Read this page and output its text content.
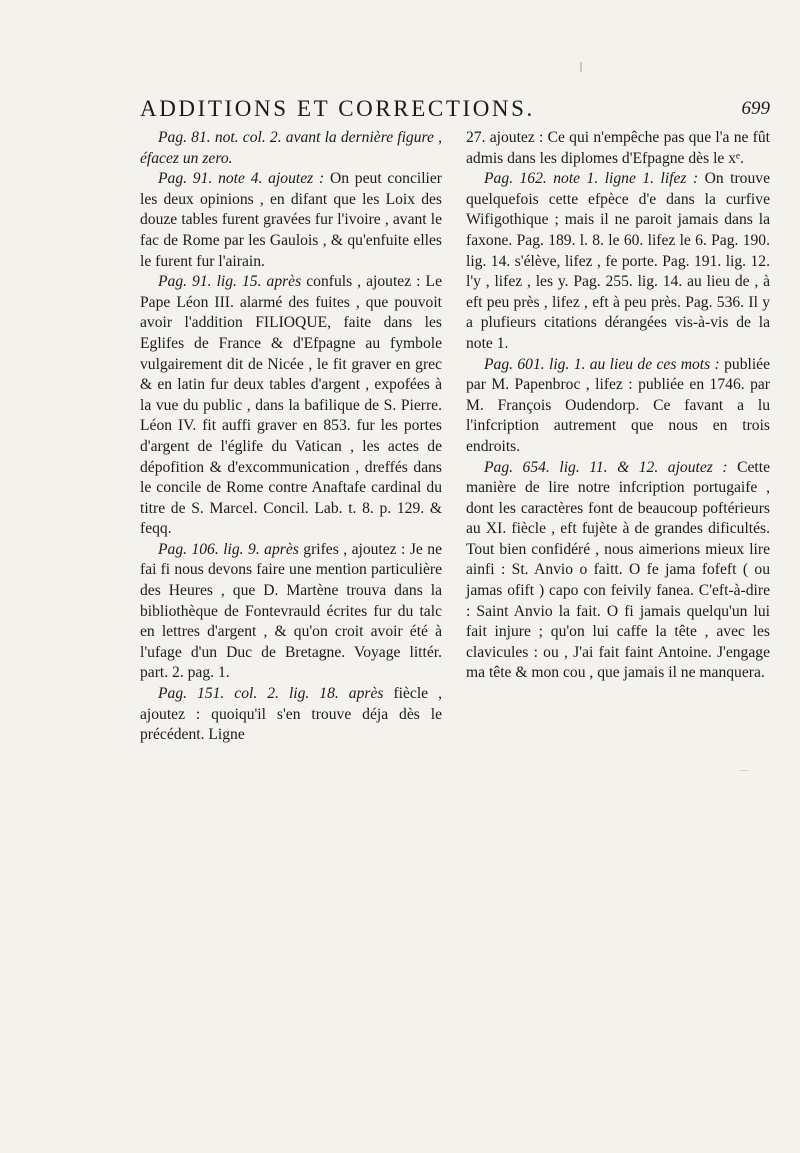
ADDITIONS ET CORRECTIONS.	699

Pag. 81. not. col. 2. avant la dernière figure , éfacez un zero.

Pag. 91. note 4. ajoutez : On peut concilier les deux opinions , en difant que les Loix des douze tables furent gravées fur l'ivoire , avant le fac de Rome par les Gaulois , & qu'enfuite elles le furent fur l'airain.

Pag. 91. lig. 15. après confuls , ajoutez : Le Pape Léon III. alarmé des fuites , que pouvoit avoir l'addition FILIOQUE, faite dans les Eglifes de France & d'Efpagne au fymbole vulgairement dit de Nicée , le fit graver en grec & en latin fur deux tables d'argent , expofées à la vue du public , dans la bafilique de S. Pierre. Léon IV. fit auffi graver en 853. fur les portes d'argent de l'églife du Vatican , les actes de dépofition & d'excommunication , dreffés dans le concile de Rome contre Anaftafe cardinal du titre de S. Marcel. Concil. Lab. t. 8. p. 129. & feqq.

Pag. 106. lig. 9. après grifes , ajoutez : Je ne fai fi nous devons faire une mention particulière des Heures , que D. Martène trouva dans la bibliothèque de Fontevrauld écrites fur du talc en lettres d'argent , & qu'on croit avoir été à l'ufage d'un Duc de Bretagne. Voyage littér. part. 2. pag. 1.

Pag. 151. col. 2. lig. 18. après fiècle , ajoutez : quoiqu'il s'en trouve déja dès le précédent. Ligne

27. ajoutez : Ce qui n'empêche pas que l'a ne fût admis dans les diplomes d'Efpagne dès le xᵉ.

Pag. 162. note 1. ligne 1. lifez : On trouve quelquefois cette efpèce d'e dans la curfive Wifigothique ; mais il ne paroit jamais dans la faxone. Pag. 189. l. 8. le 60. lifez le 6. Pag. 190. lig. 14. s'élève, lifez , fe porte. Pag. 191. lig. 12. l'y , lifez , les y. Pag. 255. lig. 14. au lieu de , à eft peu près , lifez , eft à peu près. Pag. 536. Il y a plufieurs citations dérangées vis-à-vis de la note 1.

Pag. 601. lig. 1. au lieu de ces mots : publiée par M. Papenbroc , lifez : publiée en 1746. par M. François Oudendorp. Ce favant a lu l'infcription autrement que nous en trois endroits.

Pag. 654. lig. 11. & 12. ajoutez : Cette manière de lire notre infcription portugaife , dont les caractères font de beaucoup poftérieurs au XI. fiècle , eft fujète à de grandes dificultés. Tout bien confidéré , nous aimerions mieux lire ainfi : St. Anvio o faitt. O fe jama fofeft ( ou jamas ofift ) capo con feivily fanea. C'eft-à-dire : Saint Anvio la fait. O fi jamais quelqu'un lui fait injure ; qu'on lui caffe la tête , avec les clavicules : ou , J'ai fait faint Antoine. J'engage ma tête & mon cou , que jamais il ne manquera.
